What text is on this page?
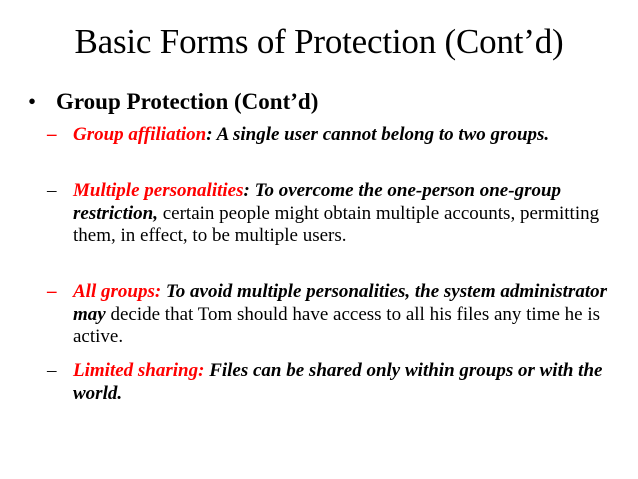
Basic Forms of Protection (Cont’d)
• Group Protection (Cont’d)
– Group affiliation: A single user cannot belong to two groups.
– Multiple personalities: To overcome the one-person one-group restriction, certain people might obtain multiple accounts, permitting them, in effect, to be multiple users.
– All groups: To avoid multiple personalities, the system administrator may decide that Tom should have access to all his files any time he is active.
– Limited sharing: Files can be shared only within groups or with the world.
